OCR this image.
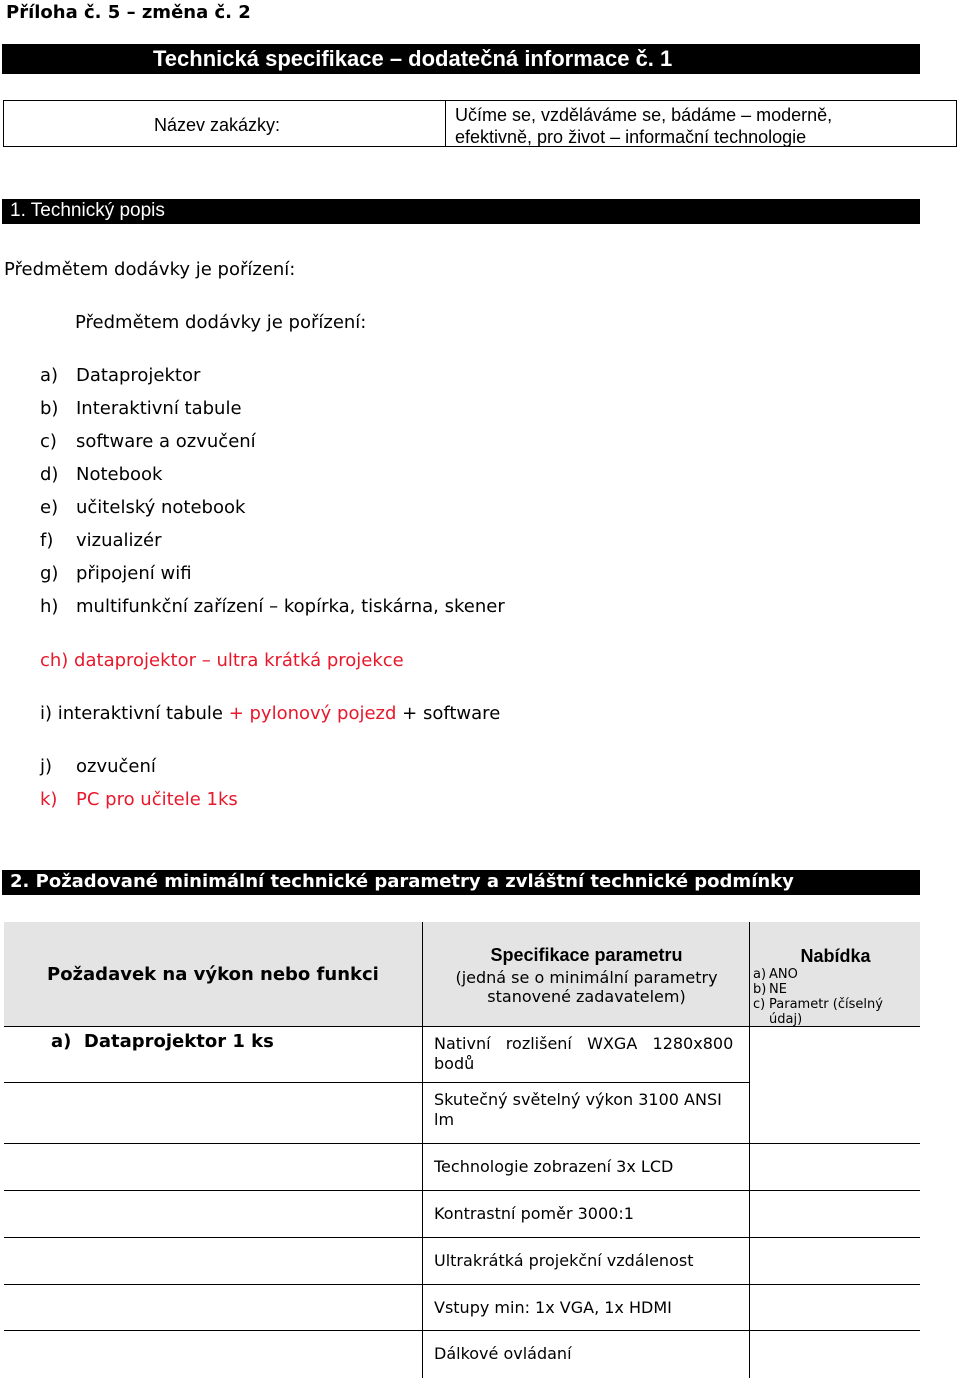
Příloha č. 5 – změna č. 2
Technická specifikace – dodatečná informace č. 1
Název zakázky:	Učíme se, vzděláváme se, bádáme – moderně,
efektivně, pro život – informační technologie
1. Technický popis
Předmětem dodávky je pořízení:
Předmětem dodávky je pořízení:
a) Dataprojektor
b) Interaktivní tabule
c) software a ozvučení
d) Notebook
e) učitelský notebook
f) vizualizér
g) připojení wifi
h) multifunkční zařízení – kopírka, tiskárna, skener
ch) dataprojektor – ultra krátká projekce
i) interaktivní tabule + pylonový pojezd + software
j) ozvučení
k) PC pro učitele 1ks
2. Požadované minimální technické parametry a zvláštní technické podmínky
Požadavek na výkon nebo funkci
Specifikace parametru
(jedná se o minimální parametry
stanovené zadavatelem)
Nabídka
a) ANO
b) NE
c) Parametr (číselný
údaj)
a)  Dataprojektor 1 ks	Nativní   rozlišení   WXGA   1280x800
bodů
Skutečný světelný výkon 3100 ANSI
lm
Technologie zobrazení 3x LCD
Kontrastní poměr 3000:1
Ultrakrátká projekční vzdálenost
Vstupy min: 1x VGA, 1x HDMI
Dálkové ovládaní
